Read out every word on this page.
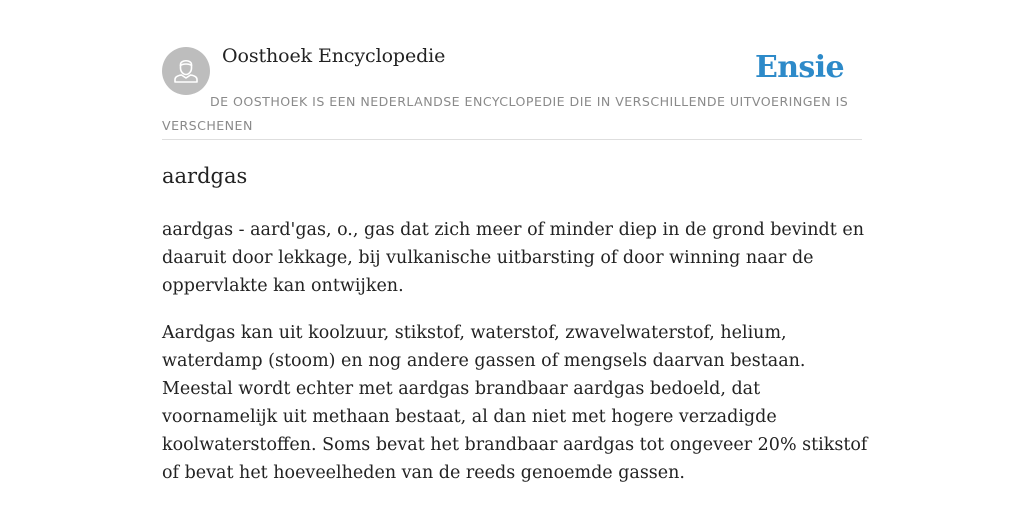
Oosthoek Encyclopedie	Ensie
DE OOSTHOEK IS EEN NEDERLANDSE ENCYCLOPEDIE DIE IN VERSCHILLENDE UITVOERINGEN IS VERSCHENEN
aardgas

aardgas - aard'gas, o., gas dat zich meer of minder diep in de grond bevindt en daaruit door lekkage, bij vulkanische uitbarsting of door winning naar de oppervlakte kan ontwijken.

Aardgas kan uit koolzuur, stikstof, waterstof, zwavelwaterstof, helium, waterdamp (stoom) en nog andere gassen of mengsels daarvan bestaan. Meestal wordt echter met aardgas brandbaar aardgas bedoeld, dat voornamelijk uit methaan bestaat, al dan niet met hogere verzadigde koolwaterstoffen. Soms bevat het brandbaar aardgas tot ongeveer 20% stikstof of bevat het hoeveelheden van de reeds genoemde gassen.
